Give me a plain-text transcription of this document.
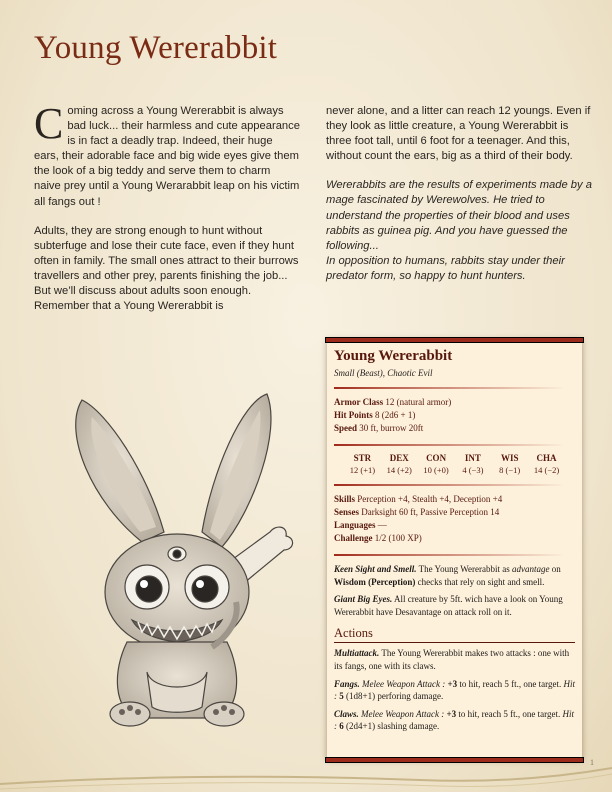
Young Wererabbit

Coming across a Young Wererabbit is always bad luck... their harmless and cute appearance is in fact a deadly trap. Indeed, their huge ears, their adorable face and big wide eyes give them the look of a big teddy and serve them to charm naive prey until a Young Werarabbit leap on his victim all fangs out !

Adults, they are strong enough to hunt without subterfuge and lose their cute face, even if they hunt often in family. The small ones attract to their burrows travellers and other prey, parents finishing the job... But we’ll discuss about adults soon enough. Remember that a Young Wererabbit is

never alone, and a litter can reach 12 youngs. Even if they look as little creature, a Young Wererabbit is three foot tall, until 6 foot for a teenager. And this, without count the ears, big as a third of their body.

Wererabbits are the results of experiments made by a mage fascinated by Werewolves. He tried to understand the properties of their blood and uses rabbits as guinea pig. And you have guessed the following...
In opposition to humans, rabbits stay under their predator form, so happy to hunt hunters.

Young Wererabbit
Small (Beast), Chaotic Evil
Armor Class 12 (natural armor)
Hit Points 8 (2d6 + 1)
Speed 30 ft, burrow 20ft
STR
12 (+1)
DEX
14 (+2)
CON
10 (+0)
INT
4 (−3)
WIS
8 (−1)
CHA
14 (−2)
Skills Perception +4, Stealth +4, Deception +4
Senses Darksight 60 ft, Passive Perception 14
Languages —
Challenge 1/2 (100 XP)

Keen Sight and Smell. The Young Wererabbit as advantage on Wisdom (Perception) checks that rely on sight and smell.

Giant Big Eyes. All creature by 5ft. wich have a look on Young Wererabbit have Desavantage on attack roll on it.

Actions

Multiattack. The Young Wererabbit makes two attacks : one with its fangs, one with its claws.

Fangs. Melee Weapon Attack : +3 to hit, reach 5 ft., one target. Hit : 5 (1d8+1) perforing damage.

Claws. Melee Weapon Attack : +3 to hit, reach 5 ft., one target. Hit : 6 (2d4+1) slashing damage.

1
